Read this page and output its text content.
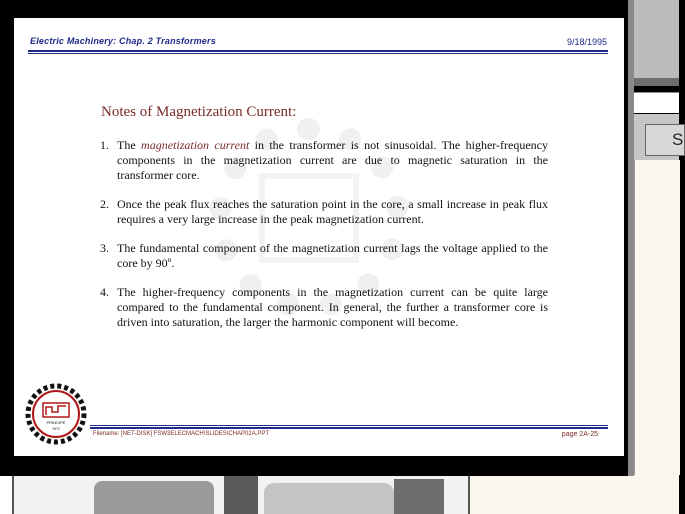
S
Electric Machinery: Chap. 2 Transformers	9/18/1995
Notes of Magnetization Current:
1. The magnetization current in the transformer is not sinusoidal. The higher-frequency components in the magnetization current are due to magnetic saturation in the transformer core.
2. Once the peak flux reaches the saturation point in the core, a small increase in peak flux requires a very large increase in the peak magnetization current.
3. The fundamental component of the magnetization current lags the voltage applied to the core by 90º.
4. The higher-frequency components in the magnetization current can be quite large compared to the fundamental component. In general, the further a transformer core is driven into saturation, the larger the harmonic component will become.
PRINCIPE
1972
Filename: [NET-DISK] FSW3ELECMACH\SLIDES\CHAP02A.PPT	page 2A-25
